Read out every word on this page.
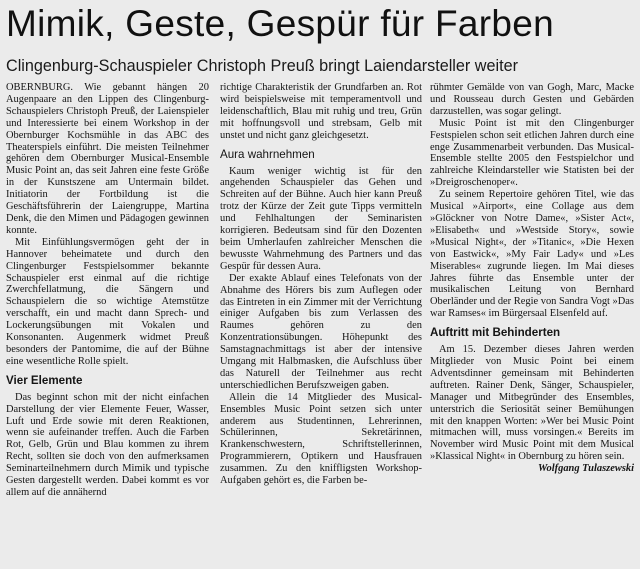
Mimik, Geste, Gespür für Farben
Clingenburg-Schauspieler Christoph Preuß bringt Laiendarsteller weiter

OBERNBURG. Wie gebannt hängen 20 Augenpaare an den Lippen des Clingenburg-Schauspielers Christoph Preuß, der Laienspieler und Interessierte bei einem Workshop in der Obernburger Kochsmühle in das ABC des Theaterspiels einführt. Die meisten Teilnehmer gehören dem Obernburger Musical-Ensemble Music Point an, das seit Jahren eine feste Größe in der Kunstszene am Untermain bildet. Initiatorin der Fortbildung ist die Geschäftsführerin der Laiengruppe, Martina Denk, die den Mimen und Pädagogen gewinnen konnte.

Mit Einfühlungsvermögen geht der in Hannover beheimatete und durch den Clingenburger Festspielsommer bekannte Schauspieler erst einmal auf die richtige Zwerchfellatmung, die Sängern und Schauspielern die so wichtige Atemstütze verschafft, ein und macht dann Sprech- und Lockerungsübungen mit Vokalen und Konsonanten. Augenmerk widmet Preuß besonders der Pantomime, die auf der Bühne eine wesentliche Rolle spielt.

Vier Elemente

Das beginnt schon mit der nicht einfachen Darstellung der vier Elemente Feuer, Wasser, Luft und Erde sowie mit deren Reaktionen, wenn sie aufeinander treffen. Auch die Farben Rot, Gelb, Grün und Blau kommen zu ihrem Recht, sollten sie doch von den aufmerksamen Seminarteilnehmern durch Mimik und typische Gesten dargestellt werden. Dabei kommt es vor allem auf die annähernd

richtige Charakteristik der Grundfarben an. Rot wird beispielsweise mit temperamentvoll und leidenschaftlich, Blau mit ruhig und treu, Grün mit hoffnungsvoll und strebsam, Gelb mit unstet und nicht ganz gleichgesetzt.

Aura wahrnehmen

Kaum weniger wichtig ist für den angehenden Schauspieler das Gehen und Schreiten auf der Bühne. Auch hier kann Preuß trotz der Kürze der Zeit gute Tipps vermitteln und Fehlhaltungen der Seminaristen korrigieren. Bedeutsam sind für den Dozenten beim Umherlaufen zahlreicher Menschen die bewusste Wahrnehmung des Partners und das Gespür für dessen Aura.

Der exakte Ablauf eines Telefonats von der Abnahme des Hörers bis zum Auflegen oder das Eintreten in ein Zimmer mit der Verrichtung einiger Aufgaben bis zum Verlassen des Raumes gehören zu den Konzentrationsübungen. Höhepunkt des Samstagnachmittags ist aber der intensive Umgang mit Halbmasken, die Aufschluss über das Naturell der Teilnehmer aus recht unterschiedlichen Berufszweigen gaben.

Allein die 14 Mitglieder des Musical-Ensembles Music Point setzen sich unter anderem aus Studentinnen, Lehrerinnen, Schülerinnen, Sekretärinnen, Krankenschwestern, Schriftstellerinnen, Programmierern, Optikern und Hausfrauen zusammen. Zu den kniffligsten Workshop-Aufgaben gehört es, die Farben be-

rühmter Gemälde von van Gogh, Marc, Macke und Rousseau durch Gesten und Gebärden darzustellen, was sogar gelingt.

Music Point ist mit den Clingenburger Festspielen schon seit etlichen Jahren durch eine enge Zusammenarbeit verbunden. Das Musical-Ensemble stellte 2005 den Festspielchor und zahlreiche Kleindarsteller wie Statisten bei der »Dreigroschenoper«.

Zu seinem Repertoire gehören Titel, wie das Musical »Airport«, eine Collage aus dem »Glöckner von Notre Dame«, »Sister Act«, »Elisabeth« und »Westside Story«, sowie »Musical Night«, der »Titanic«, »Die Hexen von Eastwick«, »My Fair Lady« und »Les Miserables« zugrunde liegen. Im Mai dieses Jahres führte das Ensemble unter der musikalischen Leitung von Bernhard Oberländer und der Regie von Sandra Vogt »Das war Ramses« im Bürgersaal Elsenfeld auf.

Auftritt mit Behinderten

Am 15. Dezember dieses Jahren werden Mitglieder von Music Point bei einem Adventsdinner gemeinsam mit Behinderten auftreten. Rainer Denk, Sänger, Schauspieler, Manager und Mitbegründer des Ensembles, unterstrich die Seriosität seiner Bemühungen mit den knappen Worten: »Wer bei Music Point mitmachen will, muss vorsingen.« Bereits im November wird Music Point mit dem Musical »Klassical Night« in Obernburg zu hören sein.

Wolfgang Tulaszewski
